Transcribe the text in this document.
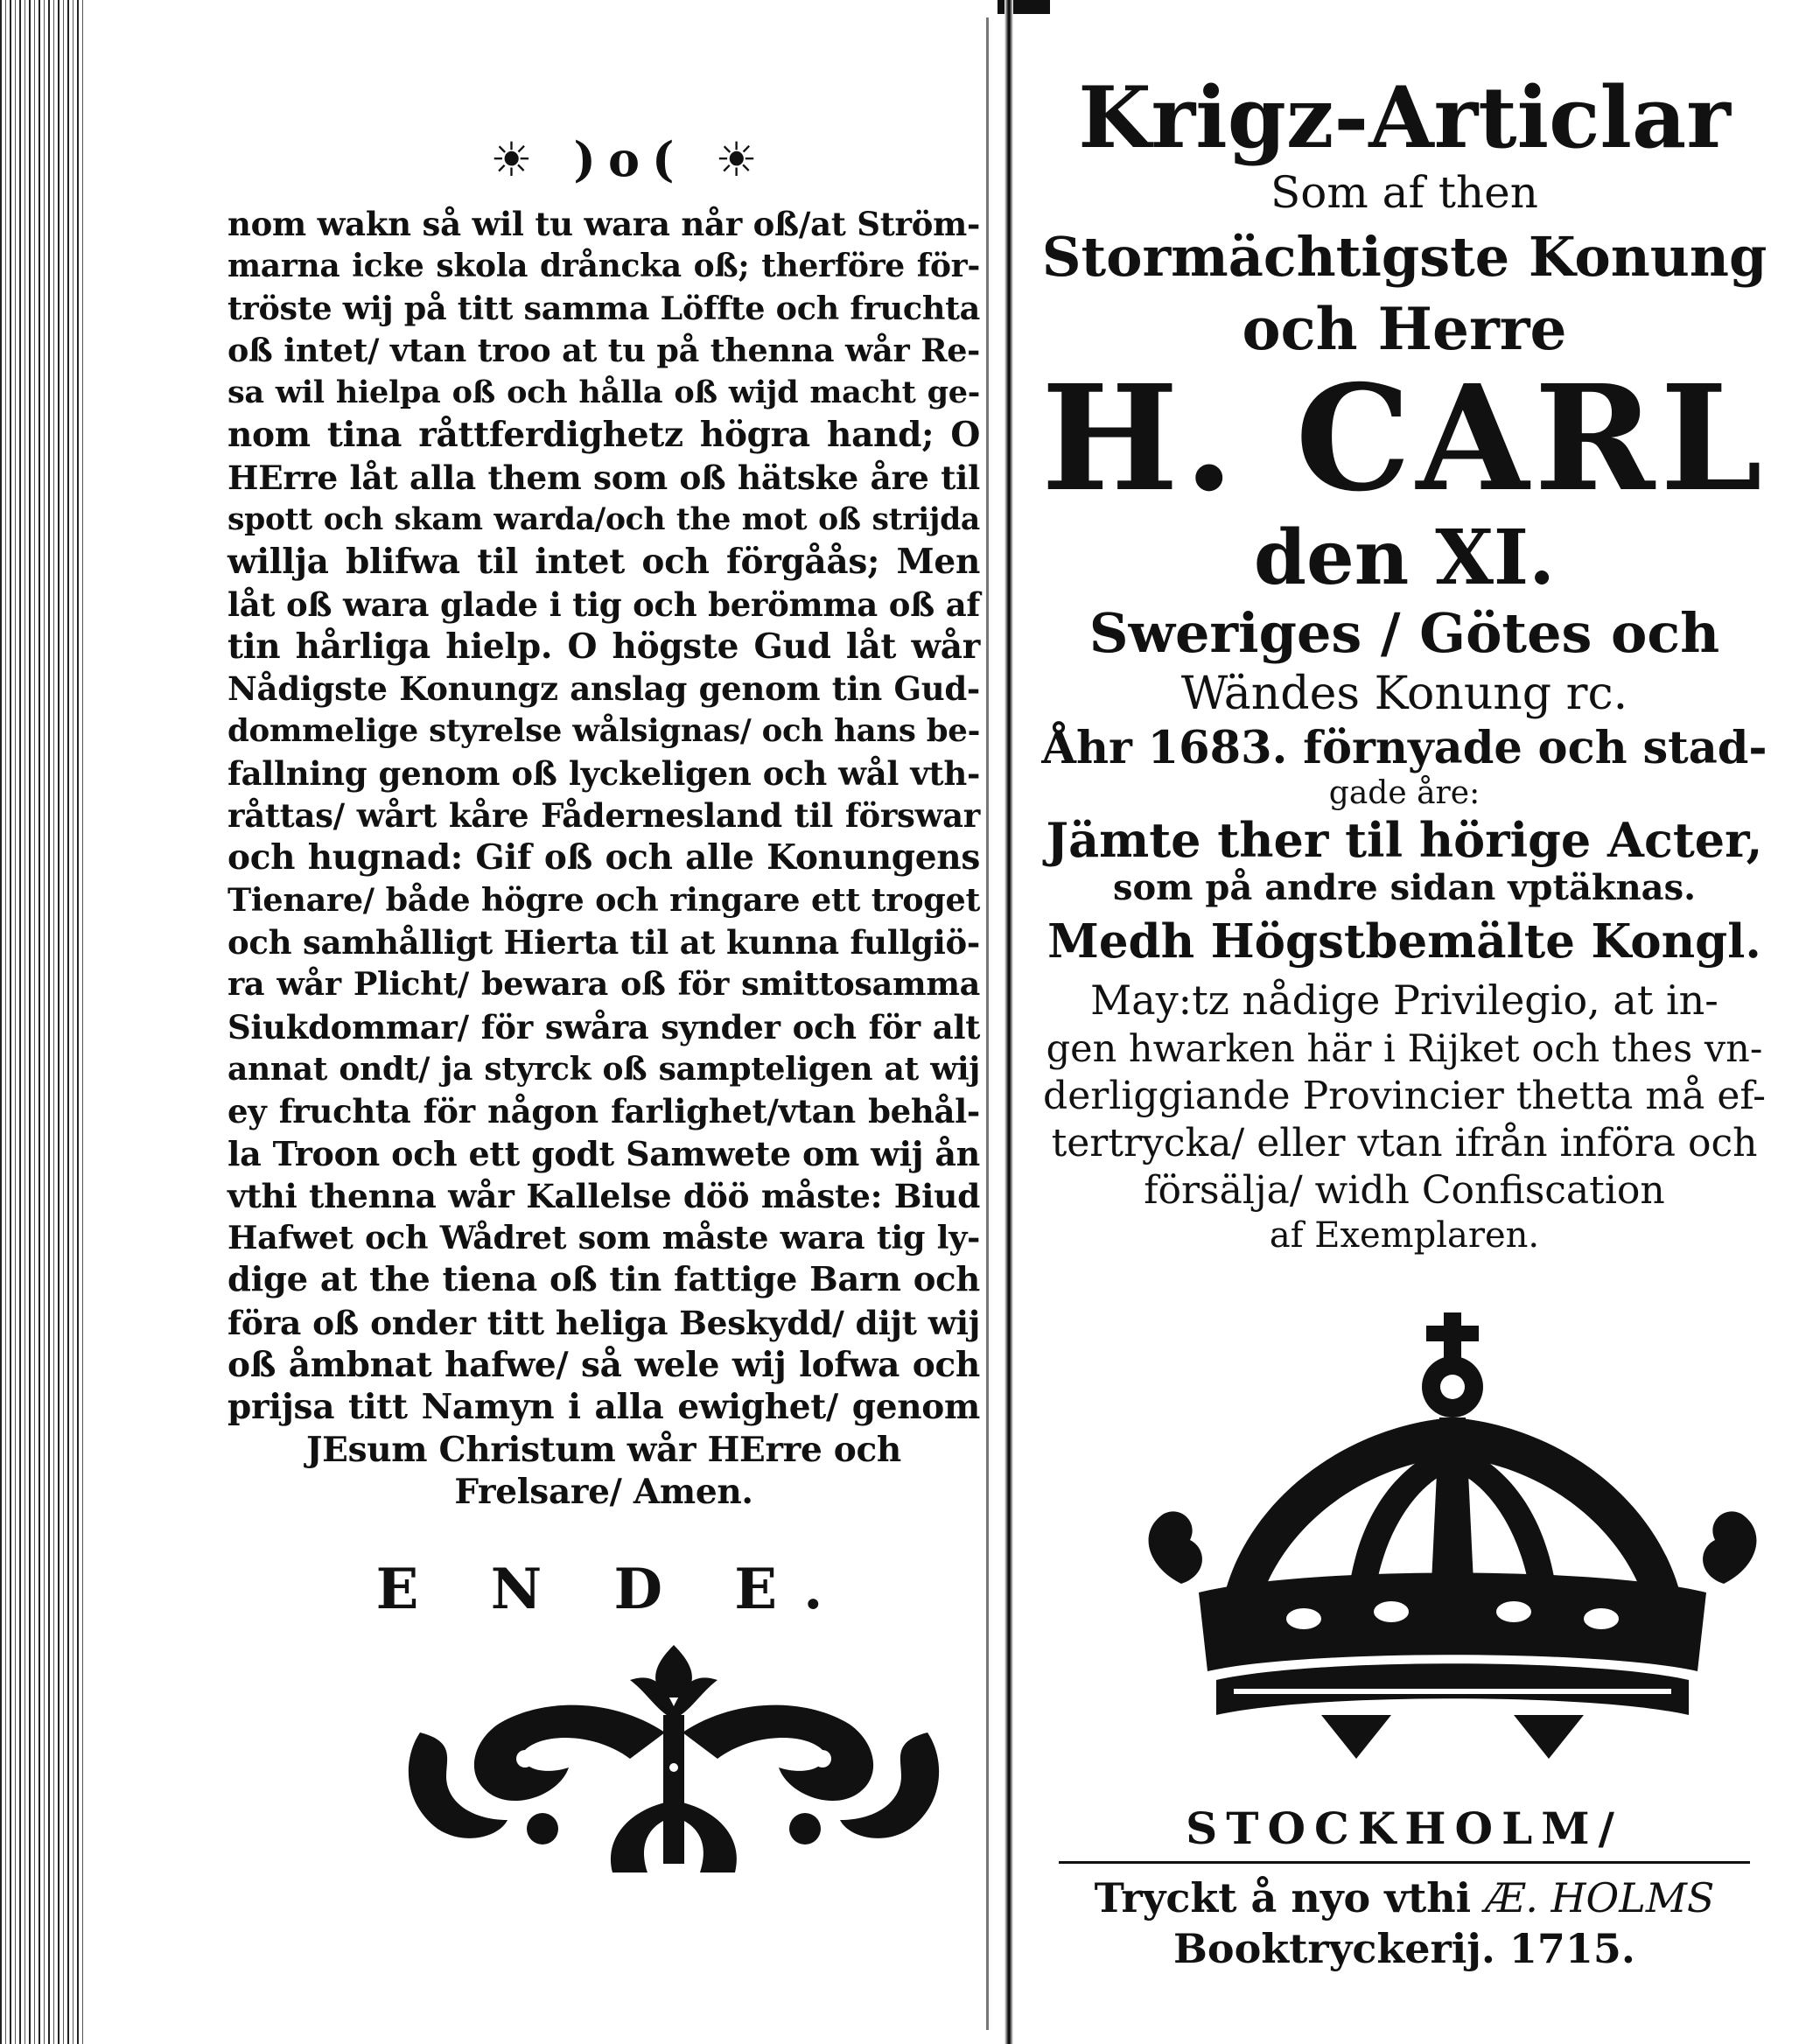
☀ )o( ☀
nom wakn så wil tu wara når oß/at Ström-
marna icke skola dråncka oß; therföre för-
tröste wij på titt samma Löffte och fruchta
oß intet/ vtan troo at tu på thenna wår Re-
sa wil hielpa oß och hålla oß wijd macht ge-
nom tina råttferdighetz högra hand; O
HErre låt alla them som oß hätske åre til
spott och skam warda/och the mot oß strijda
willja blifwa til intet och förgåås; Men
låt oß wara glade i tig och berömma oß af
tin hårliga hielp. O högste Gud låt wår
Nådigste Konungz anslag genom tin Gud-
dommelige styrelse wålsignas/ och hans be-
fallning genom oß lyckeligen och wål vth-
råttas/ wårt kåre Fådernesland til förswar
och hugnad: Gif oß och alle Konungens
Tienare/ både högre och ringare ett troget
och samhålligt Hierta til at kunna fullgiö-
ra wår Plicht/ bewara oß för smittosamma
Siukdommar/ för swåra synder och för alt
annat ondt/ ja styrck oß sampteligen at wij
ey fruchta för någon farlighet/vtan behål-
la Troon och ett godt Samwete om wij ån
vthi thenna wår Kallelse döö måste: Biud
Hafwet och Wådret som måste wara tig ly-
dige at the tiena oß tin fattige Barn och
föra oß onder titt heliga Beskydd/ dijt wij
oß åmbnat hafwe/ så wele wij lofwa och
prijsa titt Namyn i alla ewighet/ genom
JEsum Christum wår HErre och
Frelsare/ Amen.
E N D E.
Krigz-Articlar
Som af then
Stormächtigste Konung
och Herre
H. CARL
den XI.
Sweriges / Götes och
Wändes Konung rc.
Åhr 1683. förnyade och stad-
gade åre:
Jämte ther til hörige Acter,
som på andre sidan vptäknas.
Medh Högstbemälte Kongl.
May:tz nådige Privilegio, at in-
gen hwarken här i Rijket och thes vn-
derliggiande Provincier thetta må ef-
tertrycka/ eller vtan ifrån införa och
försälja/ widh Confiscation
af Exemplaren.
STOCKHOLM/
Tryckt å nyo vthi Æ. HOLMS
Booktryckerij. 1715.
